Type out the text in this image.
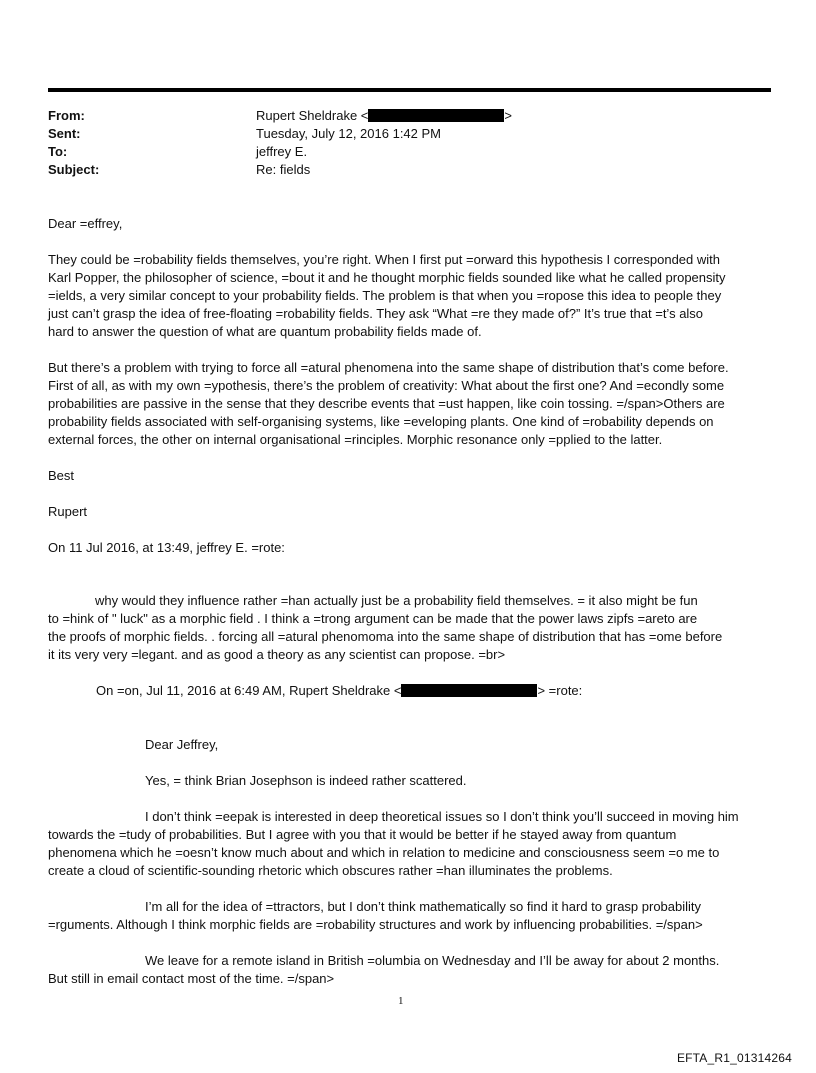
From:	Rupert Sheldrake <	>
Sent:	Tuesday, July 12, 2016 1:42 PM
To:	jeffrey E.
Subject:	Re: fields
Dear =effrey,
They could be =robability fields themselves, you’re right. When I first put =orward this hypothesis I corresponded with
Karl Popper, the philosopher of science, =bout it and he thought morphic fields sounded like what he called propensity
=ields, a very similar concept to your probability fields. The problem is that when you =ropose this idea to people they
just can’t grasp the idea of free-floating =robability fields. They ask “What =re they made of?” It’s true that =t’s also
hard to answer the question of what are quantum probability fields made of.
But there’s a problem with trying to force all =atural phenomena into the same shape of distribution that’s come before.
First of all, as with my own =ypothesis, there’s the problem of creativity: What about the first one? And =econdly some
probabilities are passive in the sense that they describe events that =ust happen, like coin tossing. =/span>Others are
probability fields associated with self-organising systems, like =eveloping plants. One kind of =robability depends on
external forces, the other on internal organisational =rinciples. Morphic resonance only =pplied to the latter.
Best
Rupert
On 11 Jul 2016, at 13:49, jeffrey E. =rote:
why would they influence rather =han actually just be a probability field themselves. = it also might be fun
to =hink of " luck" as a morphic field . I think a =trong argument can be made that the power laws zipfs =areto are
the proofs of morphic fields. . forcing all =atural phenomoma into the same shape of distribution that has =ome before
it its very very =legant. and as good a theory as any scientist can propose. =br>
On =on, Jul 11, 2016 at 6:49 AM, Rupert Sheldrake <	> =rote:
Dear Jeffrey,
Yes, = think Brian Josephson is indeed rather scattered.
I don’t think =eepak is interested in deep theoretical issues so I don’t think you’ll succeed in moving him
towards the =tudy of probabilities. But I agree with you that it would be better if he stayed away from quantum
phenomena which he =oesn’t know much about and which in relation to medicine and consciousness seem =o me to
create a cloud of scientific-sounding rhetoric which obscures rather =han illuminates the problems.
I’m all for the idea of =ttractors, but I don’t think mathematically so find it hard to grasp probability
=rguments. Although I think morphic fields are =robability structures and work by influencing probabilities. =/span>
We leave for a remote island in British =olumbia on Wednesday and I’ll be away for about 2 months.
But still in email contact most of the time. =/span>
1
EFTA_R1_01314264
